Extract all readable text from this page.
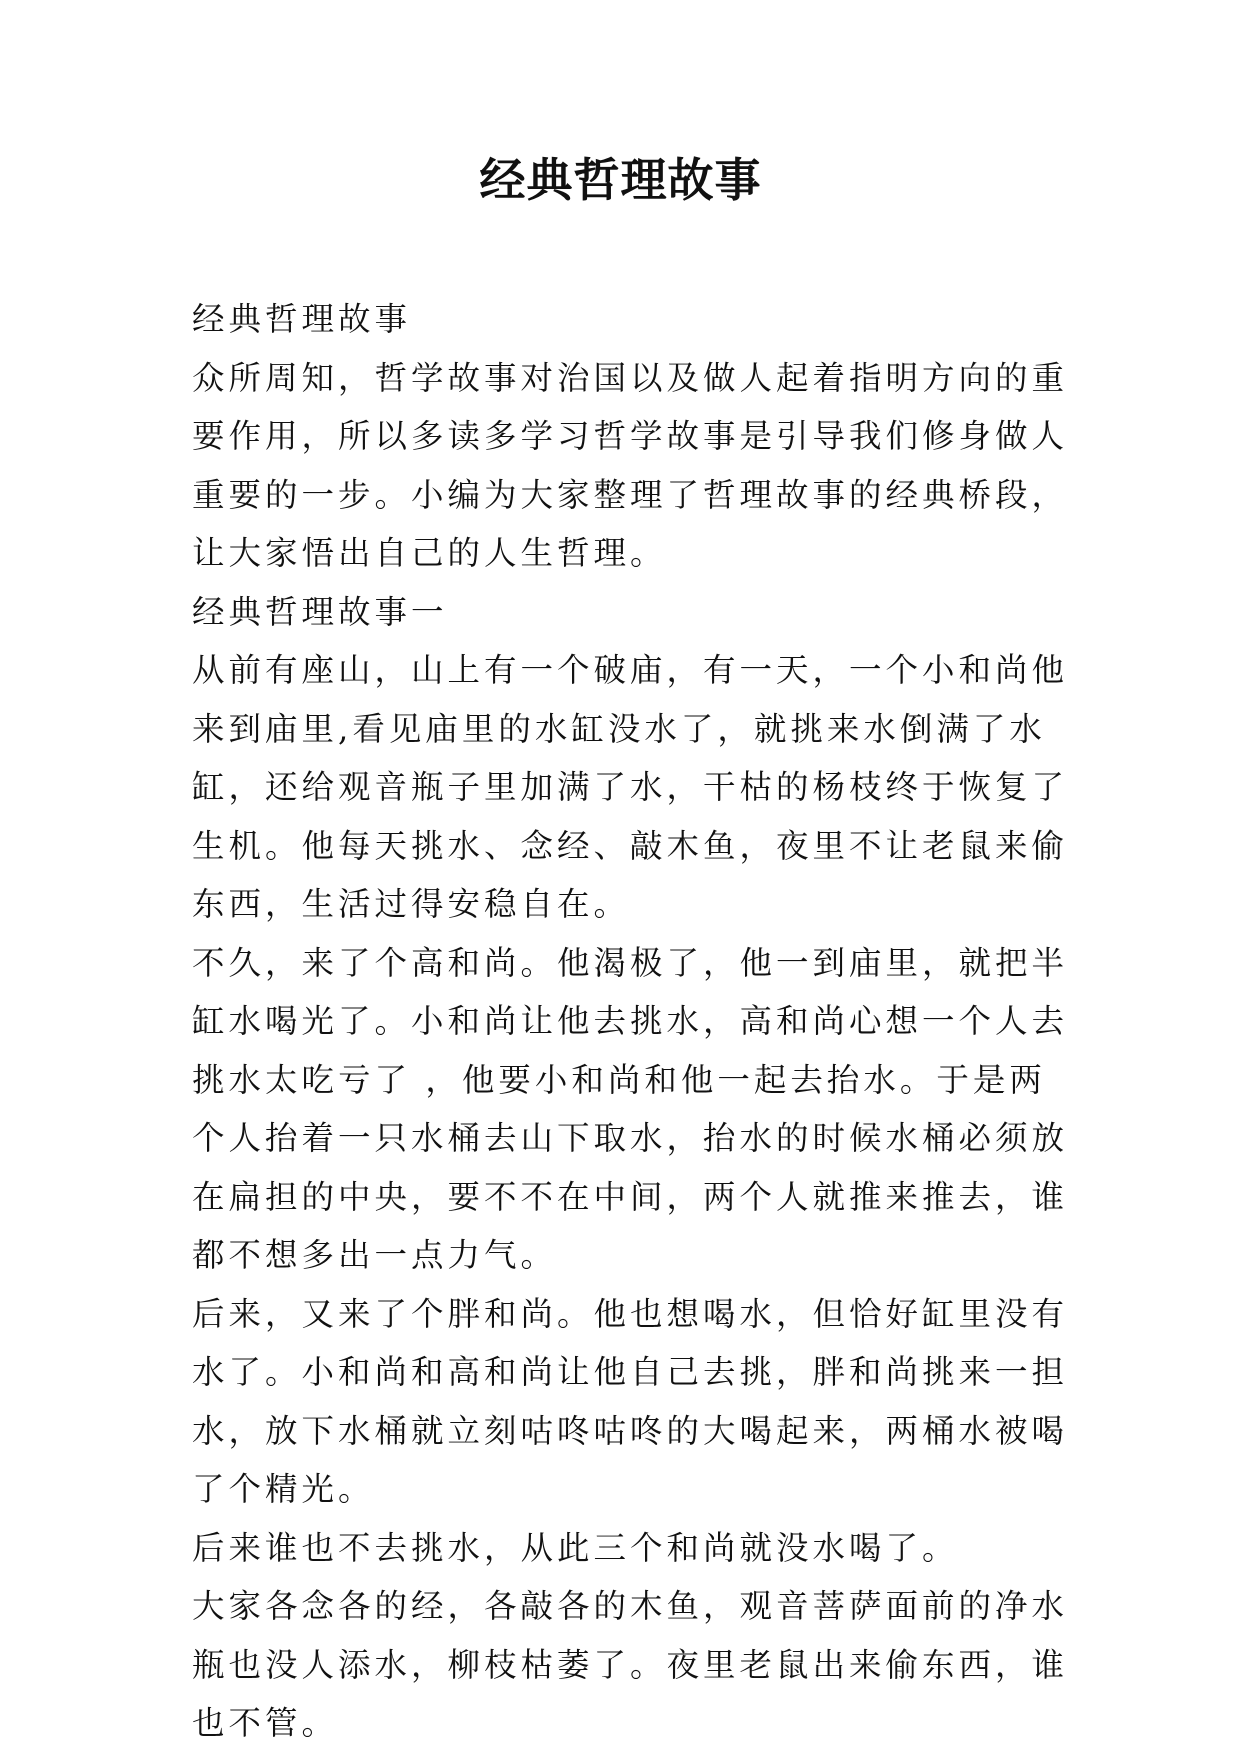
经典哲理故事

经典哲理故事

众所周知，哲学故事对治国以及做人起着指明方向的重要作用，所以多读多学习哲学故事是引导我们修身做人重要的一步。小编为大家整理了哲理故事的经典桥段，让大家悟出自己的人生哲理。

经典哲理故事一

从前有座山，山上有一个破庙，有一天，一个小和尚他来到庙里,看见庙里的水缸没水了，就挑来水倒满了水缸，还给观音瓶子里加满了水，干枯的杨枝终于恢复了生机。他每天挑水、念经、敲木鱼，夜里不让老鼠来偷东西，生活过得安稳自在。

不久，来了个高和尚。他渴极了，他一到庙里，就把半缸水喝光了。小和尚让他去挑水，高和尚心想一个人去挑水太吃亏了 ，他要小和尚和他一起去抬水。于是两个人抬着一只水桶去山下取水，抬水的时候水桶必须放在扁担的中央，要不不在中间，两个人就推来推去，谁都不想多出一点力气。

后来，又来了个胖和尚。他也想喝水，但恰好缸里没有水了。小和尚和高和尚让他自己去挑，胖和尚挑来一担水，放下水桶就立刻咕咚咕咚的大喝起来，两桶水被喝了个精光。

后来谁也不去挑水，从此三个和尚就没水喝了。

大家各念各的经，各敲各的木鱼，观音菩萨面前的净水瓶也没人添水，柳枝枯萎了。夜里老鼠出来偷东西，谁也不管。
